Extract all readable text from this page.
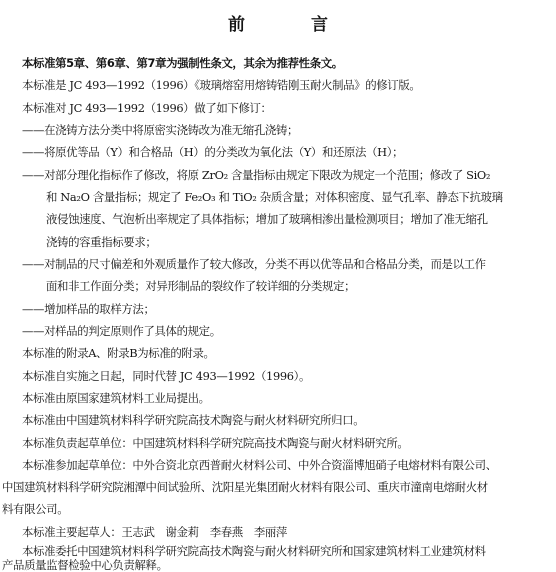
前 言
本标准第5章、第6章、第7章为强制性条文，其余为推荐性条文。
本标准是 JC 493—1992（1996）《玻璃熔窑用熔铸锆刚玉耐火制品》的修订版。
本标准对 JC 493—1992（1996）做了如下修订：
——在浇铸方法分类中将原密实浇铸改为准无缩孔浇铸；
——将原优等品（Y）和合格品（H）的分类改为氧化法（Y）和还原法（H）；
——对部分理化指标作了修改，将原 ZrO₂ 含量指标由规定下限改为规定一个范围；修改了 SiO₂
和 Na₂O 含量指标；规定了 Fe₂O₃ 和 TiO₂ 杂质含量；对体积密度、显气孔率、静态下抗玻璃
液侵蚀速度、气泡析出率规定了具体指标；增加了玻璃相渗出量检测项目；增加了准无缩孔
浇铸的容重指标要求；
——对制品的尺寸偏差和外观质量作了较大修改，分类不再以优等品和合格品分类，而是以工作
面和非工作面分类；对异形制品的裂纹作了较详细的分类规定；
——增加样品的取样方法；
——对样品的判定原则作了具体的规定。
本标准的附录A、附录B为标准的附录。
本标准自实施之日起，同时代替 JC 493—1992（1996）。
本标准由原国家建筑材料工业局提出。
本标准由中国建筑材料科学研究院高技术陶瓷与耐火材料研究所归口。
本标准负责起草单位：中国建筑材料科学研究院高技术陶瓷与耐火材料研究所。
本标准参加起草单位：中外合资北京西普耐火材料公司、中外合资淄博旭硝子电熔材料有限公司、
中国建筑材料科学研究院湘潭中间试验所、沈阳星光集团耐火材料有限公司、重庆市潼南电熔耐火材
料有限公司。
本标准主要起草人：王志武　谢金莉　李春燕　李丽萍
本标准委托中国建筑材料科学研究院高技术陶瓷与耐火材料研究所和国家建筑材料工业建筑材料
产品质量监督检验中心负责解释。
